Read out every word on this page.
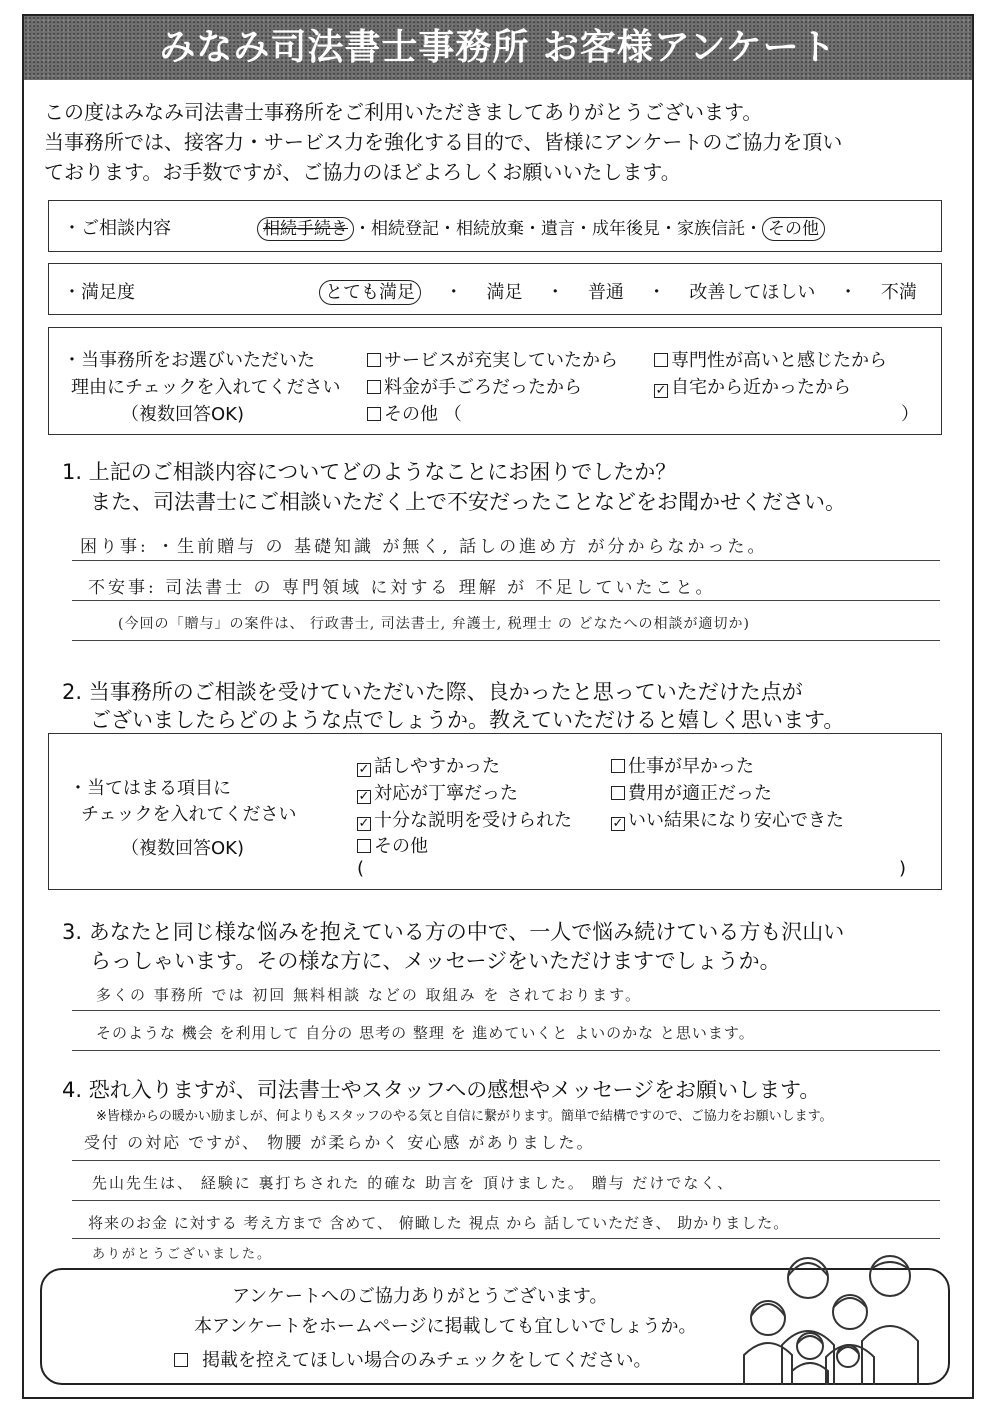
みなみ司法書士事務所 お客様アンケート
この度はみなみ司法書士事務所をご利用いただきましてありがとうございます。
当事務所では、接客力・サービス力を強化する目的で、皆様にアンケートのご協力を頂い
ております。お手数ですが、ご協力のほどよろしくお願いいたします。
・ご相談内容	相続手続き ・相続登記・相続放棄・遺言・成年後見・家族信託・ その他
・満足度	とても満足 ・ 満足 ・ 普通 ・ 改善してほしい ・ 不満
・当事務所をお選びいただいた
理由にチェックを入れてください
（複数回答OK)
サービスが充実していたから	専門性が高いと感じたから
料金が手ごろだったから	✓ 自宅から近かったから
その他 （	）
1. 上記のご相談内容についてどのようなことにお困りでしたか？
また、司法書士にご相談いただく上で不安だったことなどをお聞かせください。
困り事: ・生前贈与 の 基礎知識 が無く, 話しの進め方 が分からなかった。
不安事: 司法書士 の 専門領域 に対する 理解 が 不足していたこと。
(今回の「贈与」の案件は、 行政書士, 司法書士, 弁護士, 税理士 の どなたへの相談が適切か)
2. 当事務所のご相談を受けていただいた際、良かったと思っていただけた点が
ございましたらどのような点でしょうか。教えていただけると嬉しく思います。
・当てはまる項目に
チェックを入れてください
（複数回答OK)
✓ 話しやすかった	仕事が早かった
✓ 対応が丁寧だった	費用が適正だった
✓ 十分な説明を受けられた	✓ いい結果になり安心できた
その他
(	)
3. あなたと同じ様な悩みを抱えている方の中で、一人で悩み続けている方も沢山い
らっしゃいます。その様な方に、メッセージをいただけますでしょうか。
多くの 事務所 では 初回 無料相談 などの 取組み を されております。
そのような 機会 を利用して 自分の 思考の 整理 を 進めていくと よいのかな と思います。
4. 恐れ入りますが、司法書士やスタッフへの感想やメッセージをお願いします。
※皆様からの暖かい励ましが、何よりもスタッフのやる気と自信に繋がります。簡単で結構ですので、ご協力をお願いします。
受付 の対応 ですが、 物腰 が柔らかく 安心感 がありました。
先山先生は、 経験に 裏打ちされた 的確な 助言を 頂けました。 贈与 だけでなく、
将来のお金 に対する 考え方まで 含めて、 俯瞰した 視点 から 話していただき、 助かりました。
ありがとうございました。
アンケートへのご協力ありがとうございます。
本アンケートをホームページに掲載しても宜しいでしょうか。
掲載を控えてほしい場合のみチェックをしてください。
